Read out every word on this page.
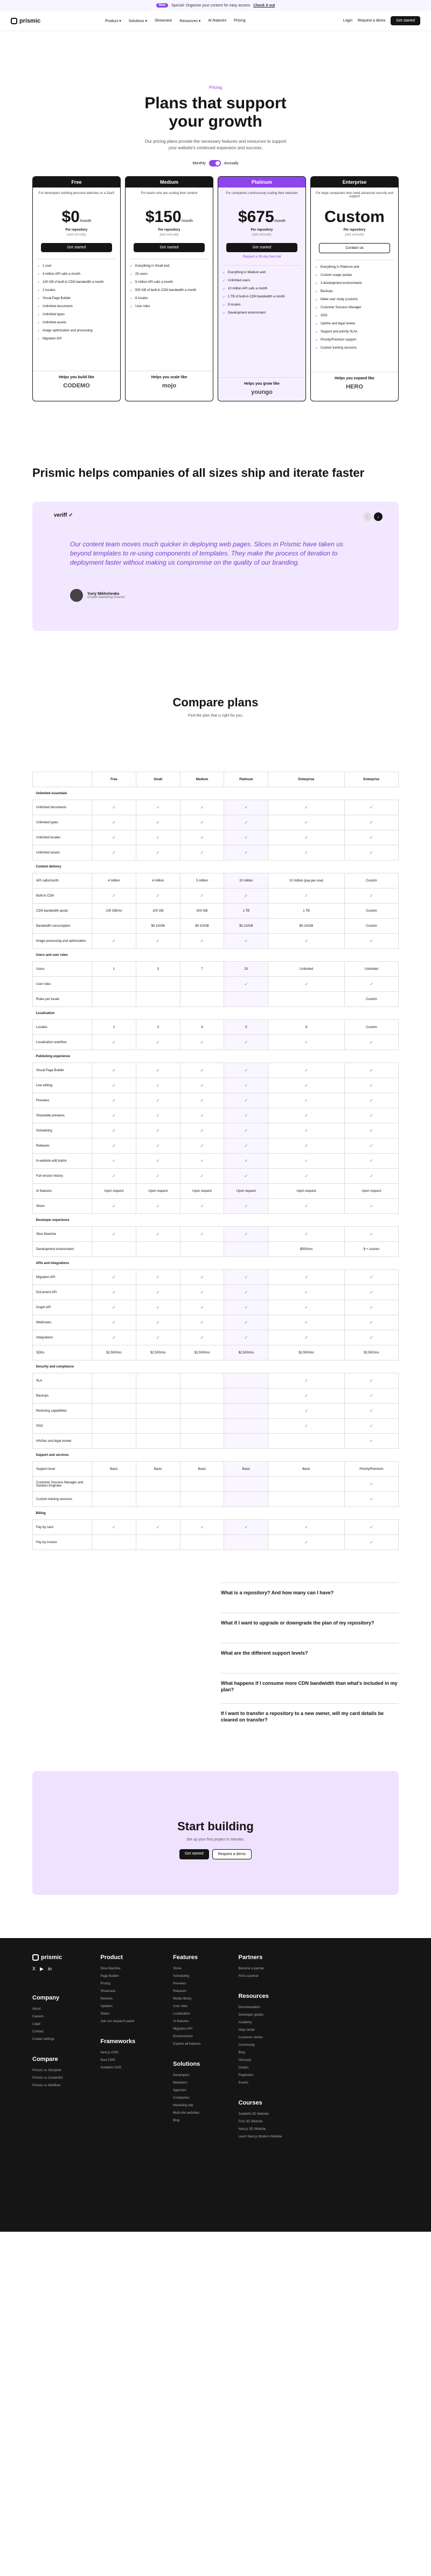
New	Special: Organize your content for easy access Check it out
prismic	Product ▾ Solutions ▾ Showcase Resources ▾ AI features Pricing	Login Request a demo	Get started
Pricing
Plans that support your growth

Our pricing plans provide the necessary features and resources to support your website's continued expansion and success.

Monthly	Annually
Free
For developers building personal websites or a SaaS
$0/month
Per repository
paid annually
Get started
✓ 1 user
✓ 4 million API calls a month
✓ 100 GB of built-in CDN bandwidth a month
✓ 2 locales
✓ Visual Page Builder
✓ Unlimited documents
✓ Unlimited types
✓ Unlimited assets
✓ Image optimization and processing
✓ Migration API
Helps you build like
CODEMO
Medium
For teams who are scaling their content
$150/month
Per repository
paid annually
Get started
✓ Everything in Small and:
✓ 25 users
✓ 5 million API calls a month
✓ 500 GB of built-in CDN bandwidth a month
✓ 8 locales
✓ User roles
Helps you scale like
mojo
Platinum
For companies continuously scaling their websites
$675/month
Per repository
paid annually
Get started
Request a 30-day free trial
✓ Everything in Medium and:
✓ Unlimited users
✓ 10 million API calls a month
✓ 1 TB of built-in CDN bandwidth a month
✓ 8 locales
✓ Development environment
Helps you grow like
youngo
Enterprise
For large companies who need advanced security and support
Custom
Per repository
paid annually
Contact us
✓ Everything in Platinum and:
✓ Custom usage quotas
✓ 3 development environments
✓ Backups
✓ Make user study (custom)
✓ Customer Success Manager
✓ SSO
✓ Uptime and legal review
✓ Support and priority SLAs
✓ Priority/Premium support
✓ Custom training sessions
Helps you expand like
HERO
Prismic helps companies of all sizes ship and iterate faster
veriff ✓	‹	›

Our content team moves much quicker in deploying web pages. Slices in Prismic have taken us beyond templates to re-using components of templates. They make the process of iteration to deployment faster without making us compromise on the quality of our branding.

Yuriy Mikhchenko
Growth Marketing Director
Compare plans

Find the plan that is right for you.

	Free	Small	Medium	Platinum	Enterprise	Enterprise
Unlimited essentials						
Unlimited documents	✓	✓	✓	✓	✓	✓
Unlimited types	✓	✓	✓	✓	✓	✓
Unlimited locales	✓	✓	✓	✓	✓	✓
Unlimited assets	✓	✓	✓	✓	✓	✓
Content delivery						
API calls/month	4 million	4 million	5 million	10 million	10 million (pay-per-use)	Custom
Built-in CDN	✓	✓	✓	✓	✓	✓
CDN bandwidth quota	100 GB/mo	100 GB	500 GB	1 TB	1 TB	Custom
Bandwidth consumption		$0.10/GB	$0.10/GB	$0.10/GB	$0.10/GB	Custom
Image processing and optimization	✓	✓	✓	✓	✓	✓
Users and user roles						
Users	1	3	7	25	Unlimited	Unlimited
User roles				✓	✓	✓
Roles per locale						Custom
Localization						
Locales	2	3	4	5	8	Custom
Localization workflow	✓	✓	✓	✓	✓	✓
Publishing experience						
Visual Page Builder	✓	✓	✓	✓	✓	✓
Live editing	✓	✓	✓	✓	✓	✓
Previews	✓	✓	✓	✓	✓	✓
Shareable previews	✓	✓	✓	✓	✓	✓
Scheduling	✓	✓	✓	✓	✓	✓
Releases	✓	✓	✓	✓	✓	✓
In-website edit button	✓	✓	✓	✓	✓	✓
Full version history	✓	✓	✓	✓	✓	✓
AI features	Upon request	Upon request	Upon request	Upon request	Upon request	Upon request
Slices	✓	✓	✓	✓	✓	✓
Developer experience						
Slice Machine	✓	✓	✓	✓	✓	✓
Development environment					$500/mo	$ + custom
APIs and Integrations						
Migration API	✓	✓	✓	✓	✓	✓
Document API	✓	✓	✓	✓	✓	✓
Graph API	✓	✓	✓	✓	✓	✓
Webhooks	✓	✓	✓	✓	✓	✓
Integrations	✓	✓	✓	✓	✓	✓
SDKs	$2,500/mo	$2,500/mo	$2,500/mo	$2,500/mo	$2,500/mo	$2,500/mo
Security and compliance						
SLA					✓	✓
Backups					✓	✓
Restoring capabilities					✓	✓
SSO					✓	✓
InfoSec and legal review						✓
Support and services						
Support level	Basic	Basic	Basic	Basic	Basic	Priority/Premium
Customer Success Manager and Solution Engineer						✓
Custom training sessions						✓
Billing						
Pay by card	✓	✓	✓	✓	✓	✓
Pay by invoice					✓	✓
What is a repository? And how many can I have?
What if I want to upgrade or downgrade the plan of my repository?
What are the different support levels?
What happens if I consume more CDN bandwidth than what's included in my plan?
If I want to transfer a repository to a new owner, will my card details be cleared on transfer?
Start building

Set up your first project in minutes.

Get started	Request a demo
prismic
X ▶ in
Company
About
Careers
Legal
Contact
Cookie settings
Compare
Prismic vs Storyblok
Prismic vs Contentful
Prismic vs Webflow
Product
Slice Machine
Page Builder
Pricing
Showcase
Reviews
Updates
Status
Join our research panel
Frameworks
Next.js CMS
Nuxt CMS
SvelteKit CMS
Features
Slices
Scheduling
Previews
Releases
Media library
User roles
Localization
AI features
Migration API
Environments
Explore all features
Solutions
Developers
Marketers
Agencies
Companies
Marketing site
Multi-site websites
Blog
Partners
Become a partner
Find a partner
Resources
Documentation
Developer guides
Academy
Help center
Customer stories
Community
Blog
Glossary
Guides
Playbooks
Events
Courses
SvelteKit 3D Website
Fizzi 3D Website
Next.js 3D Website
Learn Next.js Modern Website
